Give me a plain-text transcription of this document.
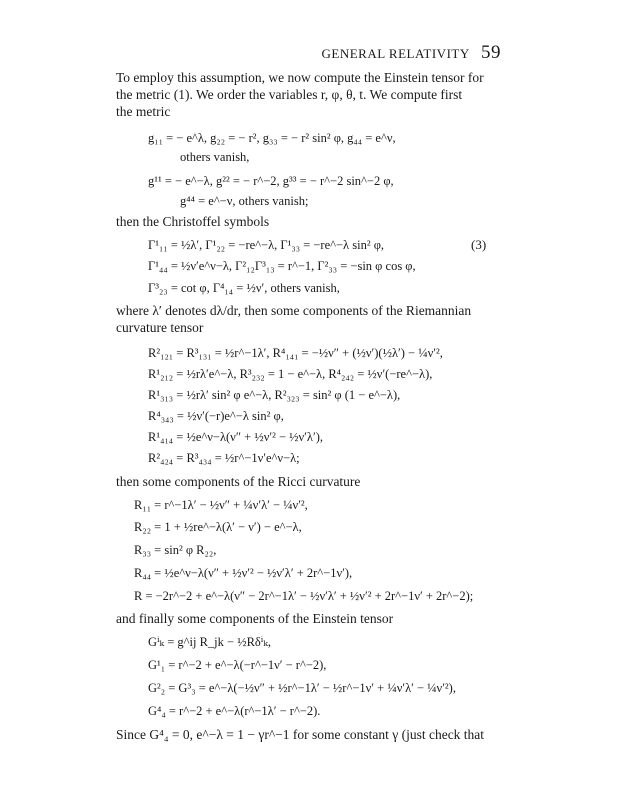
GENERAL RELATIVITY 59
To employ this assumption, we now compute the Einstein tensor for
the metric (1). We order the variables r, φ, θ, t. We compute first
the metric
g₁₁ = − e^λ, g₂₂ = − r², g₃₃ = − r² sin² φ, g₄₄ = e^ν,
others vanish,
g¹¹ = − e^−λ, g²² = − r^−2, g³³ = − r^−2 sin^−2 φ,
g⁴⁴ = e^−ν, others vanish;
then the Christoffel symbols
Γ¹₁₁ = ½λ′, Γ¹₂₂ = −re^−λ, Γ¹₃₃ = −re^−λ sin² φ,	(3)
Γ¹₄₄ = ½ν′e^ν−λ, Γ²₁₂Γ³₁₃ = r^−1, Γ²₃₃ = −sin φ cos φ,
Γ³₂₃ = cot φ, Γ⁴₁₄ = ½ν′, others vanish,
where λ′ denotes dλ/dr, then some components of the Riemannian
curvature tensor
R²₁₂₁ = R³₁₃₁ = ½r^−1λ′, R⁴₁₄₁ = −½ν″ + (½ν′)(½λ′) − ¼ν′²,
R¹₂₁₂ = ½rλ′e^−λ, R³₂₃₂ = 1 − e^−λ, R⁴₂₄₂ = ½ν′(−re^−λ),
R¹₃₁₃ = ½rλ′ sin² φ e^−λ, R²₃₂₃ = sin² φ (1 − e^−λ),
R⁴₃₄₃ = ½ν′(−r)e^−λ sin² φ,
R¹₄₁₄ = ½e^ν−λ(ν″ + ½ν′² − ½ν′λ′),
R²₄₂₄ = R³₄₃₄ = ½r^−1ν′e^ν−λ;
then some components of the Ricci curvature
R₁₁ = r^−1λ′ − ½ν″ + ¼ν′λ′ − ¼ν′²,
R₂₂ = 1 + ½re^−λ(λ′ − ν′) − e^−λ,
R₃₃ = sin² φ R₂₂,
R₄₄ = ½e^ν−λ(ν″ + ½ν′² − ½ν′λ′ + 2r^−1ν′),
R = −2r^−2 + e^−λ(ν″ − 2r^−1λ′ − ½ν′λ′ + ½ν′² + 2r^−1ν′ + 2r^−2);
and finally some components of the Einstein tensor
Gⁱₖ = g^ij R_jk − ½Rδⁱₖ,
G¹₁ = r^−2 + e^−λ(−r^−1ν′ − r^−2),
G²₂ = G³₃ = e^−λ(−½ν″ + ½r^−1λ′ − ½r^−1ν′ + ¼ν′λ′ − ¼ν′²),
G⁴₄ = r^−2 + e^−λ(r^−1λ′ − r^−2).
Since G⁴₄ = 0, e^−λ = 1 − γr^−1 for some constant γ (just check that
